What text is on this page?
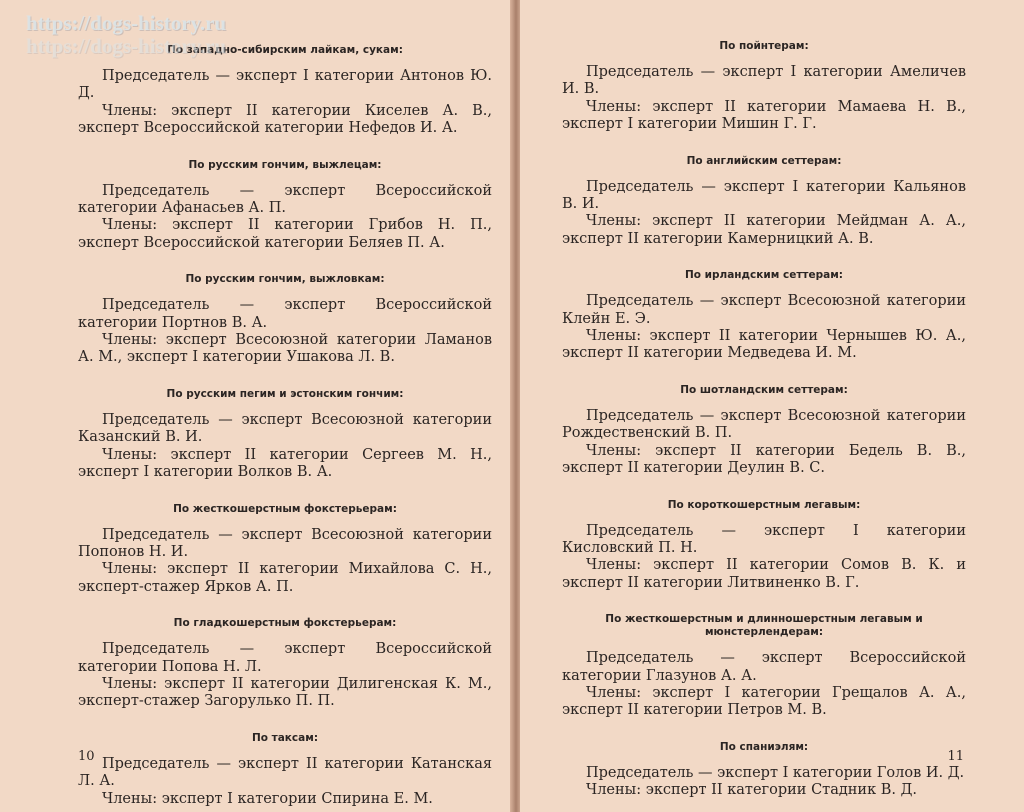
По западно-сибирским лайкам, сукам:
Председатель — эксперт I категории Антонов Ю. Д.
Члены: эксперт II категории Киселев А. В., эксперт Всероссийской категории Нефедов И. А.
По русским гончим, выжлецам:
Председатель — эксперт Всероссийской категории Афанасьев А. П.
Члены: эксперт II категории Грибов Н. П., эксперт Всероссийской категории Беляев П. А.
По русским гончим, выжловкам:
Председатель — эксперт Всероссийской категории Портнов В. А.
Члены: эксперт Всесоюзной категории Ламанов А. М., эксперт I категории Ушакова Л. В.
По русским пегим и эстонским гончим:
Председатель — эксперт Всесоюзной категории Казанский В. И.
Члены: эксперт II категории Сергеев М. Н., эксперт I категории Волков В. А.
По жесткошерстным фокстерьерам:
Председатель — эксперт Всесоюзной категории Попонов Н. И.
Члены: эксперт II категории Михайлова С. Н., эксперт-стажер Ярков А. П.
По гладкошерстным фокстерьерам:
Председатель — эксперт Всероссийской категории Попова Н. Л.
Члены: эксперт II категории Дилигенская К. М., эксперт-стажер Загорулько П. П.
По таксам:
Председатель — эксперт II категории Катанская Л. А.
Члены: эксперт I категории Спирина Е. М.
10
По пойнтерам:
Председатель — эксперт I категории Амеличев И. В.
Члены: эксперт II категории Мамаева Н. В., эксперт I категории Мишин Г. Г.
По английским сеттерам:
Председатель — эксперт I категории Кальянов В. И.
Члены: эксперт II категории Мейдман А. А., эксперт II категории Камерницкий А. В.
По ирландским сеттерам:
Председатель — эксперт Всесоюзной категории Клейн Е. Э.
Члены: эксперт II категории Чернышев Ю. А., эксперт II категории Медведева И. М.
По шотландским сеттерам:
Председатель — эксперт Всесоюзной категории Рождественский В. П.
Члены: эксперт II категории Бедель В. В., эксперт II категории Деулин В. С.
По короткошерстным легавым:
Председатель — эксперт I категории Кисловский П. Н.
Члены: эксперт II категории Сомов В. К. и эксперт II категории Литвиненко В. Г.
По жесткошерстным и длинношерстным легавым и мюнстерлендерам:
Председатель — эксперт Всероссийской категории Глазунов А. А.
Члены: эксперт I категории Грещалов А. А., эксперт II категории Петров М. В.
По спаниэлям:
Председатель — эксперт I категории Голов И. Д.
Члены: эксперт II категории Стадник В. Д.
11
https://dogs-history.ru
https://dogs-history.ru
